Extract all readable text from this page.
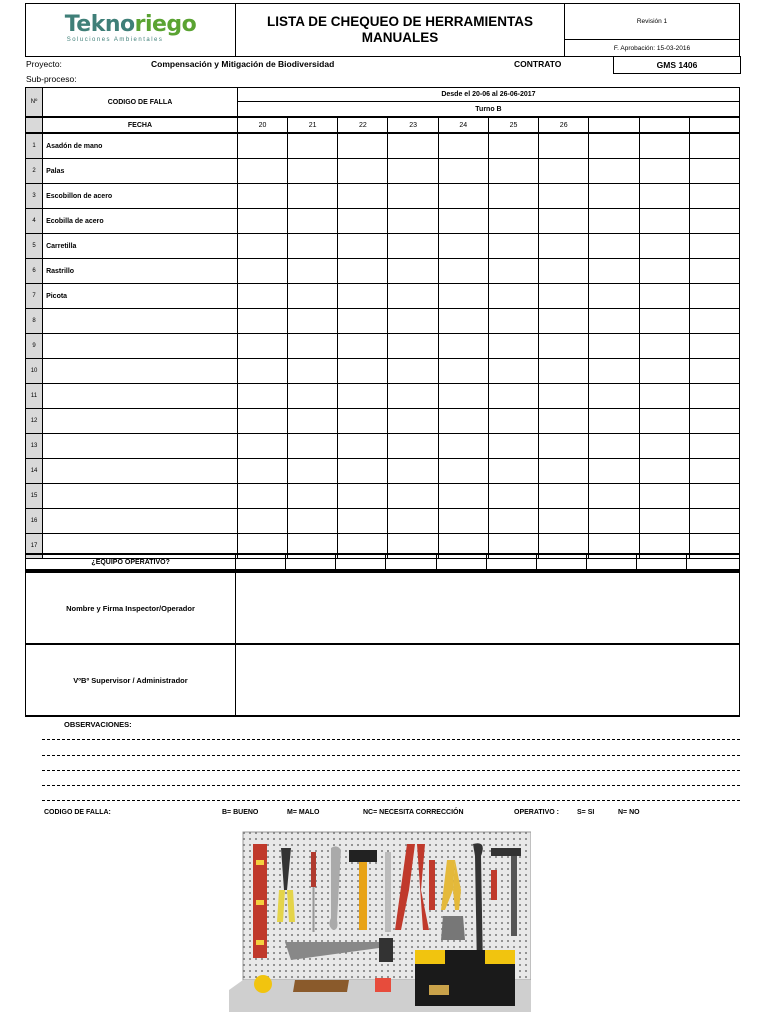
Teknoriego
Soluciones Ambientales

LISTA DE CHEQUEO DE HERRAMIENTAS
MANUALES
	Revisión 1
F. Aprobación: 15-03-2016
Proyecto:	Compensación y Mitigación de Biodiversidad	CONTRATO	GMS 1406
Sub-proceso:
Nº	CODIGO DE FALLA	Desde el 20-06 al 26-06-2017									
		Turno B									
	FECHA	20	21	22	23	24	25	26			
1	Asadón de mano										
2	Palas										
3	Escobillon de acero										
4	Ecobilla de acero										
5	Carretilla										
6	Rastrillo										
7	Picota										
8											
9											
10											
11											
12											
13											
14											
15											
16											
17											
¿EQUIPO OPERATIVO?										
Nombre y Firma Inspector/Operador
VºBº Supervisor / Administrador
OBSERVACIONES:
CODIGO DE FALLA:	B= BUENO	M= MALO	NC= NECESITA CORRECCIÓN	OPERATIVO :	S= SI	N= NO
